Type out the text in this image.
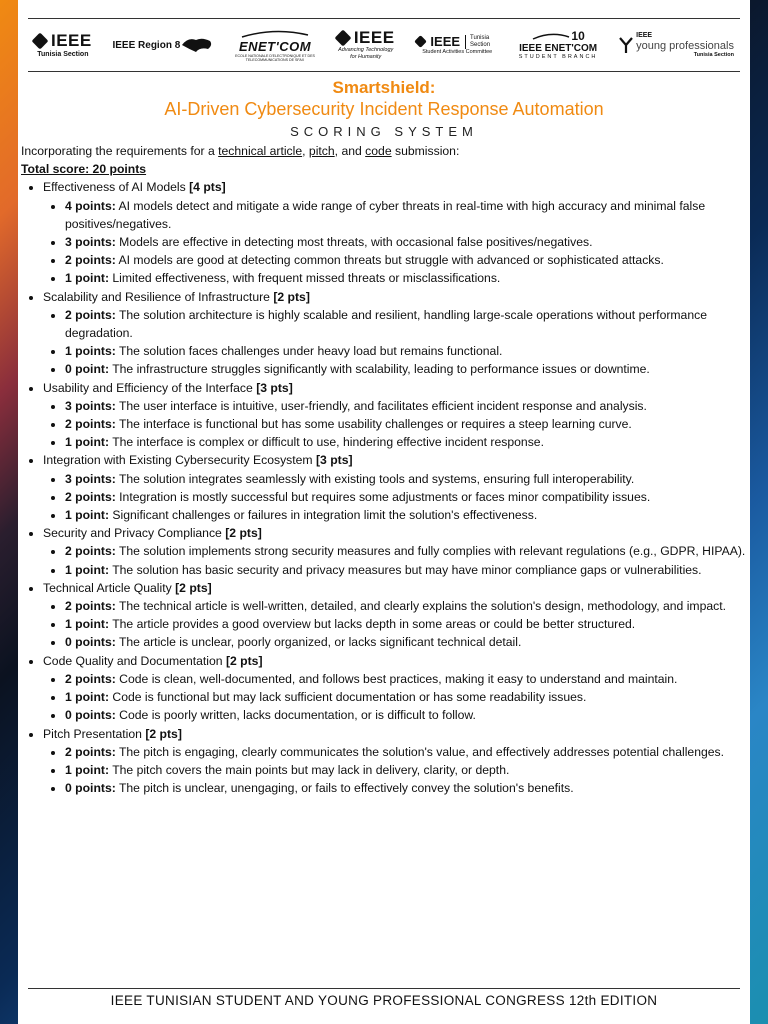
IEEE
Tunisia Section
IEEE Region 8	ENET'COM
ECOLE NATIONALE D'ELECTRONIQUE ET DES TELECOMMUNICATIONS DE SFAX
IEEE
Advancing Technology for Humanity
IEEE	Tunisia Section
Student Activities Committee
10
IEEE ENET'COM
STUDENT BRANCH
IEEE
young professionals
Tunisia Section
Smartshield:
AI-Driven Cybersecurity Incident Response Automation
SCORING SYSTEM
Incorporating the requirements for a technical article, pitch, and code submission:
Total score: 20 points
• Effectiveness of AI Models [4 pts]
• 4 points: AI models detect and mitigate a wide range of cyber threats in real-time with high accuracy and minimal false positives/negatives.
• 3 points: Models are effective in detecting most threats, with occasional false positives/negatives.
• 2 points: AI models are good at detecting common threats but struggle with advanced or sophisticated attacks.
• 1 point: Limited effectiveness, with frequent missed threats or misclassifications.
• Scalability and Resilience of Infrastructure [2 pts]
• 2 points: The solution architecture is highly scalable and resilient, handling large-scale operations without performance degradation.
• 1 points: The solution faces challenges under heavy load but remains functional.
• 0 point: The infrastructure struggles significantly with scalability, leading to performance issues or downtime.
• Usability and Efficiency of the Interface [3 pts]
• 3 points: The user interface is intuitive, user-friendly, and facilitates efficient incident response and analysis.
• 2 points: The interface is functional but has some usability challenges or requires a steep learning curve.
• 1 point: The interface is complex or difficult to use, hindering effective incident response.
• Integration with Existing Cybersecurity Ecosystem [3 pts]
• 3 points: The solution integrates seamlessly with existing tools and systems, ensuring full interoperability.
• 2 points: Integration is mostly successful but requires some adjustments or faces minor compatibility issues.
• 1 point: Significant challenges or failures in integration limit the solution's effectiveness.
• Security and Privacy Compliance [2 pts]
• 2 points: The solution implements strong security measures and fully complies with relevant regulations (e.g., GDPR, HIPAA).
• 1 point: The solution has basic security and privacy measures but may have minor compliance gaps or vulnerabilities.
• Technical Article Quality [2 pts]
• 2 points: The technical article is well-written, detailed, and clearly explains the solution's design, methodology, and impact.
• 1 point: The article provides a good overview but lacks depth in some areas or could be better structured.
• 0 points: The article is unclear, poorly organized, or lacks significant technical detail.
• Code Quality and Documentation [2 pts]
• 2 points: Code is clean, well-documented, and follows best practices, making it easy to understand and maintain.
• 1 point: Code is functional but may lack sufficient documentation or has some readability issues.
• 0 points: Code is poorly written, lacks documentation, or is difficult to follow.
• Pitch Presentation [2 pts]
• 2 points: The pitch is engaging, clearly communicates the solution's value, and effectively addresses potential challenges.
• 1 point: The pitch covers the main points but may lack in delivery, clarity, or depth.
• 0 points: The pitch is unclear, unengaging, or fails to effectively convey the solution's benefits.
IEEE TUNISIAN STUDENT AND YOUNG PROFESSIONAL CONGRESS 12th EDITION
